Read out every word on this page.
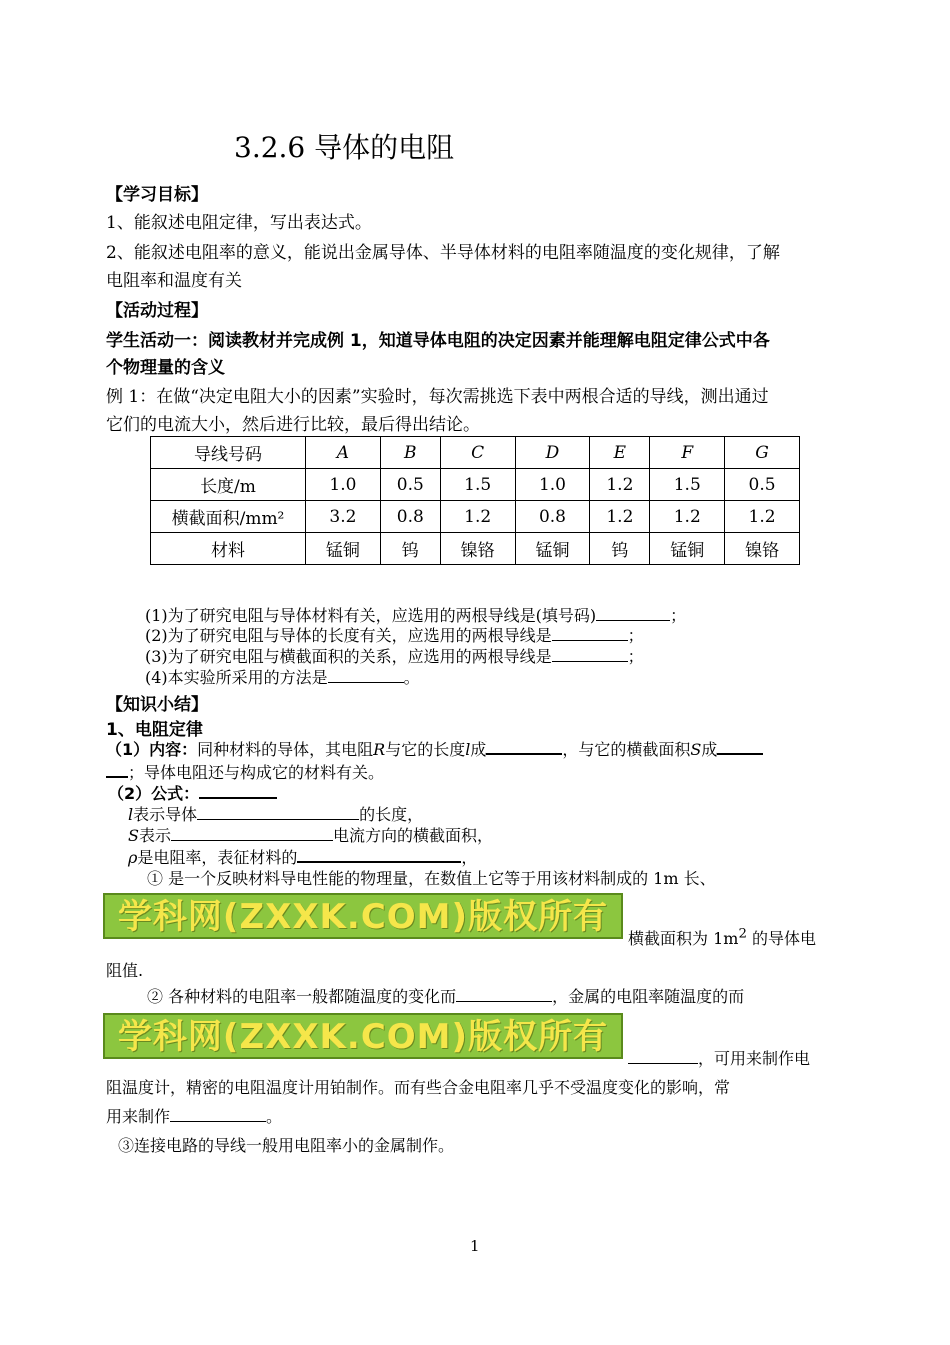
3.2.6 导体的电阻
【学习目标】
1、能叙述电阻定律，写出表达式。
2、能叙述电阻率的意义，能说出金属导体、半导体材料的电阻率随温度的变化规律，了解
电阻率和温度有关
【活动过程】
学生活动一：阅读教材并完成例 1，知道导体电阻的决定因素并能理解电阻定律公式中各
个物理量的含义
例 1：在做“决定电阻大小的因素”实验时，每次需挑选下表中两根合适的导线，测出通过
它们的电流大小，然后进行比较，最后得出结论。
导线号码	A	B	C	D	E	F	G
长度/m	1.0	0.5	1.5	1.0	1.2	1.5	0.5
横截面积/mm²	3.2	0.8	1.2	0.8	1.2	1.2	1.2
材料	锰铜	钨	镍铬	锰铜	钨	锰铜	镍铬
(1)为了研究电阻与导体材料有关，应选用的两根导线是(填号码)	；
(2)为了研究电阻与导体的长度有关，应选用的两根导线是	；
(3)为了研究电阻与横截面积的关系，应选用的两根导线是	；
(4)本实验所采用的方法是	。
【知识小结】
1、电阻定律
（1）内容：同种材料的导体，其电阻R与它的长度l成	，与它的横截面积S成
；导体电阻还与构成它的材料有关。
（2）公式：
l表示导体	的长度，
S表示	电流方向的横截面积，
ρ是电阻率，表征材料的	，
① 是一个反映材料导电性能的物理量，在数值上它等于用该材料制成的 1m 长、
学科网(ZXXK.COM)版权所有
横截面积为 $1m^2$ 的导体电
阻值.
② 各种材料的电阻率一般都随温度的变化而	，金属的电阻率随温度的而
学科网(ZXXK.COM)版权所有
，可用来制作电
阻温度计，精密的电阻温度计用铂制作。而有些合金电阻率几乎不受温度变化的影响，常
用来制作	。
③连接电路的导线一般用电阻率小的金属制作。
1
